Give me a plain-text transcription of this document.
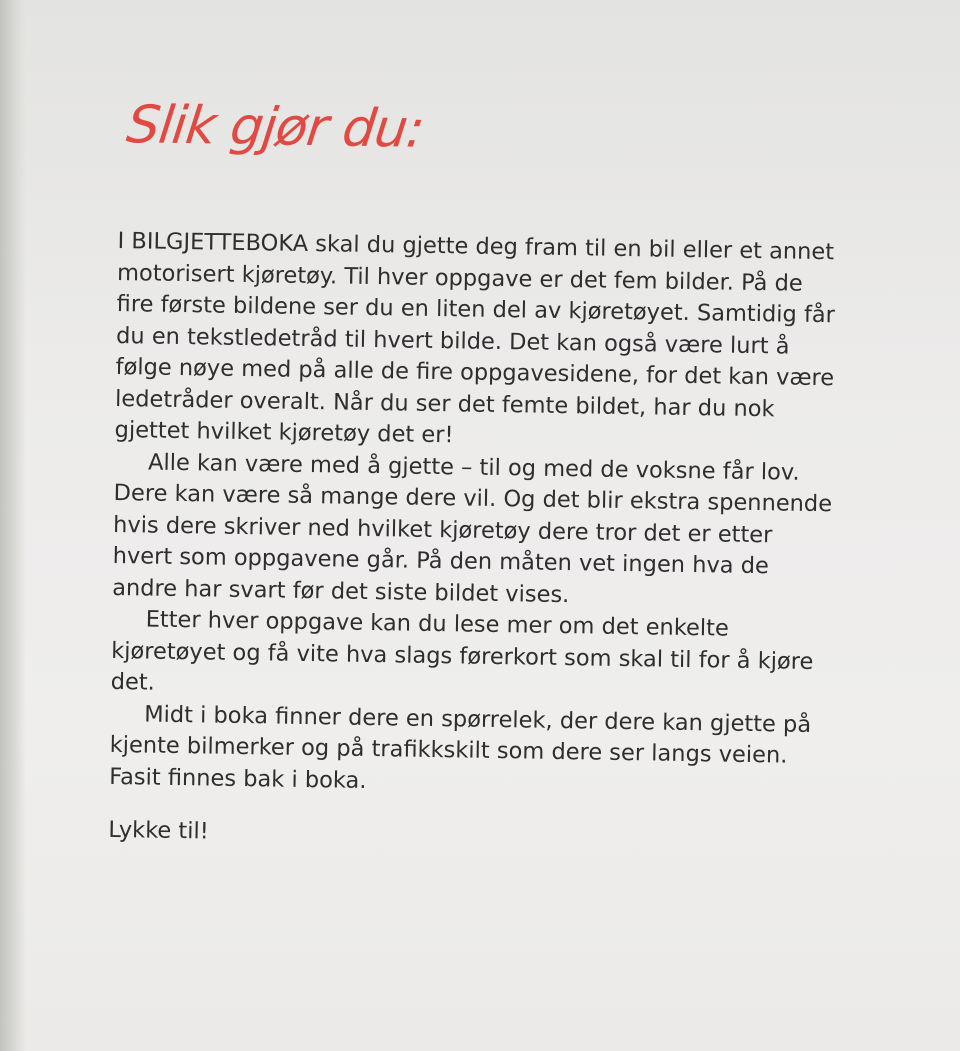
Slik gjør du:

I BILGJETTEBOKA skal du gjette deg fram til en bil eller et annet motorisert kjøretøy. Til hver oppgave er det fem bilder. På de fire første bildene ser du en liten del av kjøretøyet. Samtidig får du en tekstledetråd til hvert bilde. Det kan også være lurt å følge nøye med på alle de fire oppgavesidene, for det kan være ledetråder overalt. Når du ser det femte bildet, har du nok gjettet hvilket kjøretøy det er!

Alle kan være med å gjette – til og med de voksne får lov. Dere kan være så mange dere vil. Og det blir ekstra spennende hvis dere skriver ned hvilket kjøretøy dere tror det er etter hvert som oppgavene går. På den måten vet ingen hva de andre har svart før det siste bildet vises.

Etter hver oppgave kan du lese mer om det enkelte kjøretøyet og få vite hva slags førerkort som skal til for å kjøre det.

Midt i boka finner dere en spørrelek, der dere kan gjette på kjente bilmerker og på trafikkskilt som dere ser langs veien. Fasit finnes bak i boka.

Lykke til!
